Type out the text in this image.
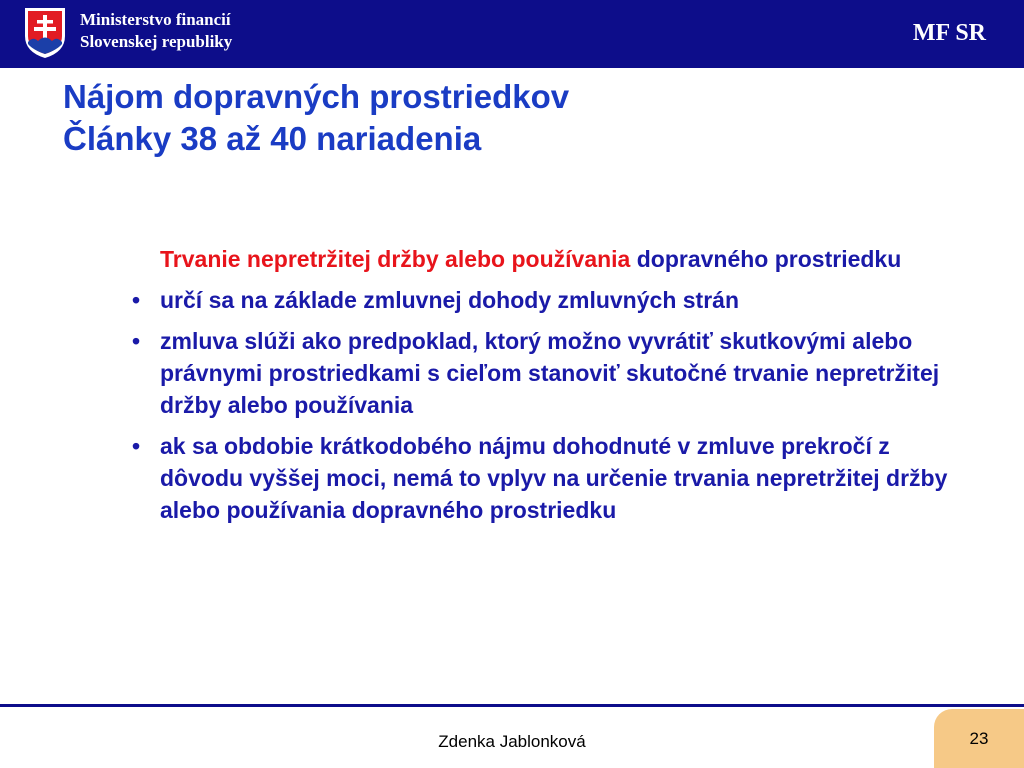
Ministerstvo financií
Slovenskej republiky	MF SR
Nájom dopravných prostriedkov
Články 38 až 40 nariadenia

Trvanie nepretržitej držby alebo používania dopravného prostriedku

• určí sa na základe zmluvnej dohody zmluvných strán
• zmluva slúži ako predpoklad, ktorý možno vyvrátiť skutkovými alebo právnymi prostriedkami s cieľom stanoviť skutočné trvanie nepretržitej držby alebo používania
• ak sa obdobie krátkodobého nájmu dohodnuté v zmluve prekročí z dôvodu vyššej moci, nemá to vplyv na určenie trvania nepretržitej držby alebo používania dopravného prostriedku
Zdenka Jablonková	23
